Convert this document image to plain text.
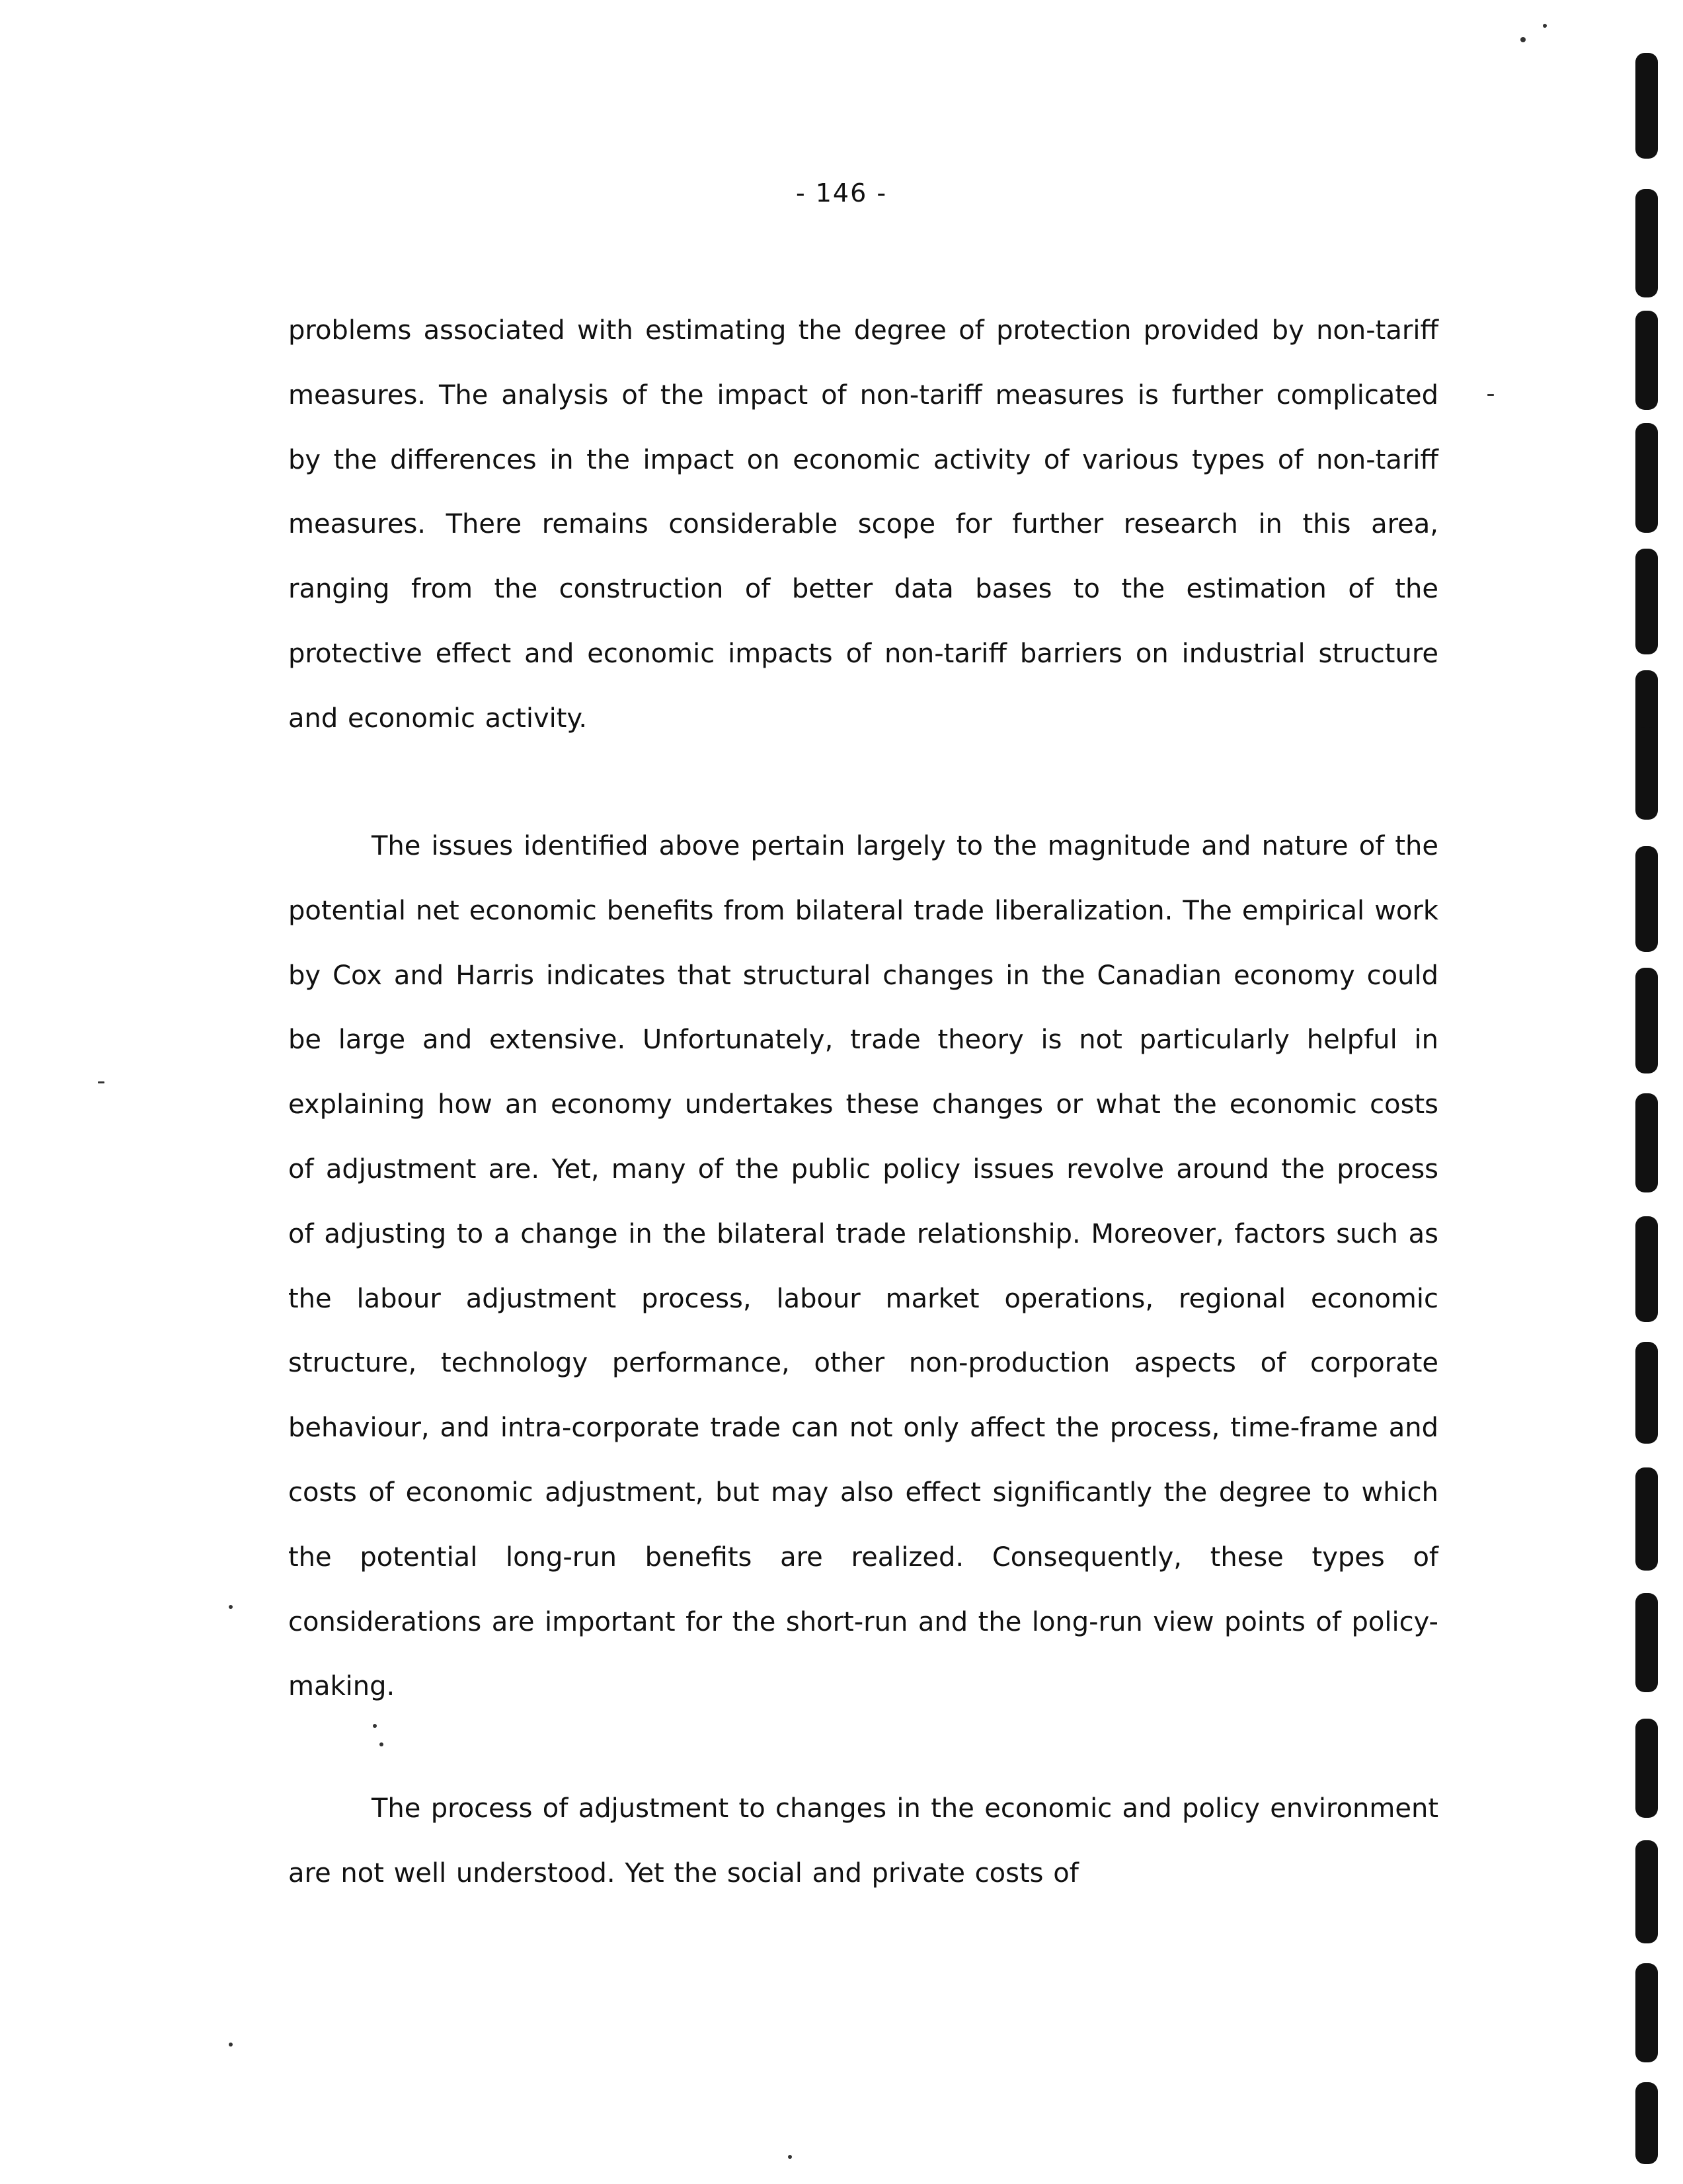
- 146 -

problems associated with estimating the degree of protection provided by non-tariff measures. The analysis of the impact of non-tariff measures is further complicated by the differences in the impact on economic activity of various types of non-tariff measures. There remains considerable scope for further research in this area, ranging from the construction of better data bases to the estimation of the protective effect and economic impacts of non-tariff barriers on industrial structure and economic activity.

The issues identified above pertain largely to the magnitude and nature of the potential net economic benefits from bilateral trade liberalization. The empirical work by Cox and Harris indicates that structural changes in the Canadian economy could be large and extensive. Unfortunately, trade theory is not particularly helpful in explaining how an economy undertakes these changes or what the economic costs of adjustment are. Yet, many of the public policy issues revolve around the process of adjusting to a change in the bilateral trade relationship. Moreover, factors such as the labour adjustment process, labour market operations, regional economic structure, technology performance, other non-production aspects of corporate behaviour, and intra-corporate trade can not only affect the process, time-frame and costs of economic adjustment, but may also effect significantly the degree to which the potential long-run benefits are realized. Consequently, these types of considerations are important for the short-run and the long-run view points of policy-making.

The process of adjustment to changes in the economic and policy environment are not well understood. Yet the social and private costs of
